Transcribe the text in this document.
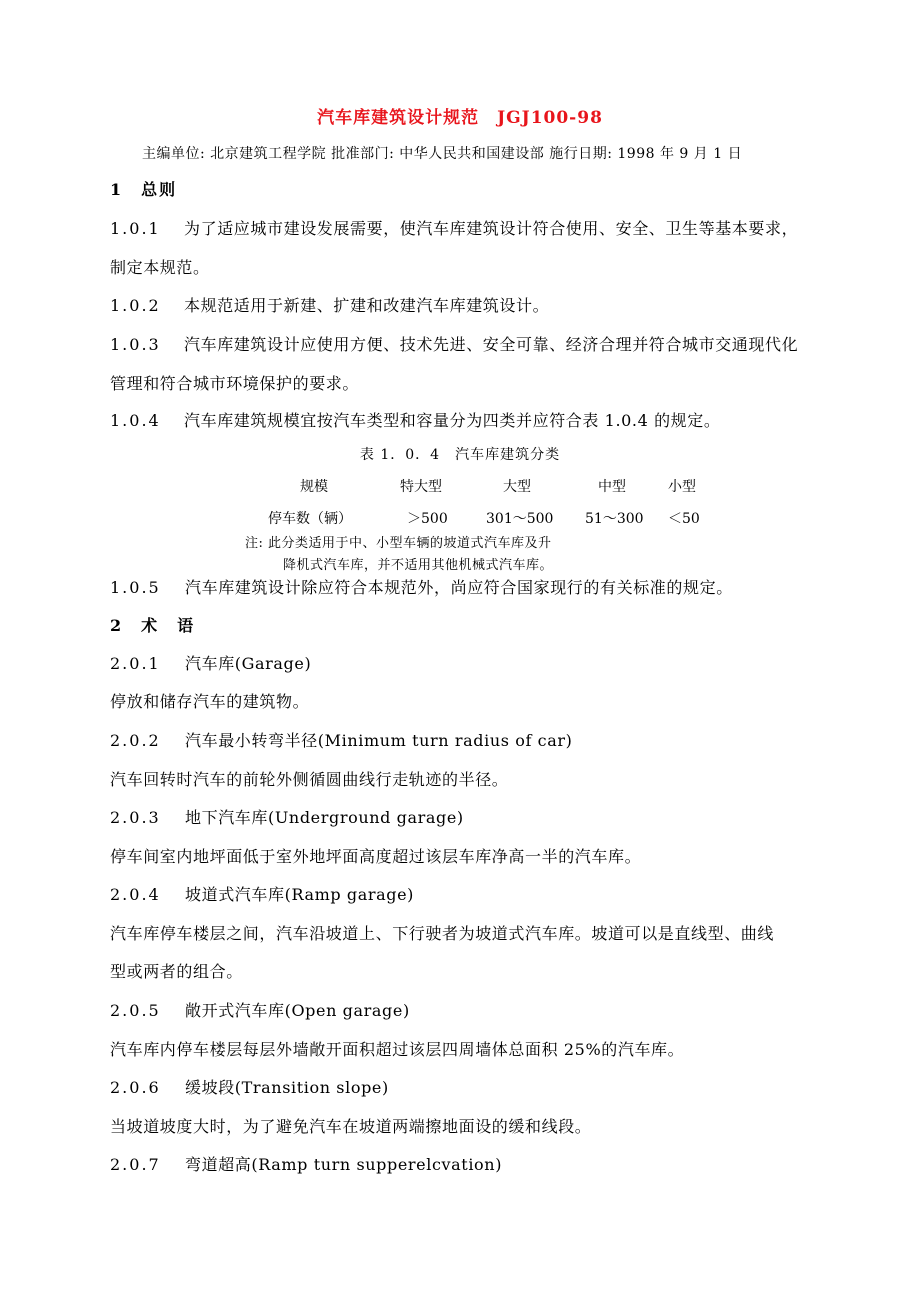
汽车库建筑设计规范　JGJ100-98
主编单位: 北京建筑工程学院 批准部门: 中华人民共和国建设部 施行日期: 1998 年 9 月 1 日
1　总则
1.0.1 为了适应城市建设发展需要，使汽车库建筑设计符合使用、安全、卫生等基本要求，
制定本规范。
1.0.2 本规范适用于新建、扩建和改建汽车库建筑设计。
1.0.3 汽车库建筑设计应使用方便、技术先进、安全可靠、经济合理并符合城市交通现代化
管理和符合城市环境保护的要求。
1.0.4 汽车库建筑规模宜按汽车类型和容量分为四类并应符合表 1.0.4 的规定。
表 1．0．4　汽车库建筑分类
规模	特大型	大型	中型	小型
停车数（辆）	＞500	301～500 51～300 ＜50
注: 此分类适用于中、小型车辆的坡道式汽车库及升
降机式汽车库，并不适用其他机械式汽车库。
1.0.5 汽车库建筑设计除应符合本规范外，尚应符合国家现行的有关标准的规定。
2　术　语
2.0.1 汽车库(Garage)
停放和储存汽车的建筑物。
2.0.2 汽车最小转弯半径(Minimum turn radius of car)
汽车回转时汽车的前轮外侧循圆曲线行走轨迹的半径。
2.0.3 地下汽车库(Underground garage)
停车间室内地坪面低于室外地坪面高度超过该层车库净高一半的汽车库。
2.0.4 坡道式汽车库(Ramp garage)
汽车库停车楼层之间，汽车沿坡道上、下行驶者为坡道式汽车库。坡道可以是直线型、曲线
型或两者的组合。
2.0.5 敞开式汽车库(Open garage)
汽车库内停车楼层每层外墙敞开面积超过该层四周墙体总面积 25%的汽车库。
2.0.6 缓坡段(Transition slope)
当坡道坡度大时，为了避免汽车在坡道两端擦地面设的缓和线段。
2.0.7 弯道超高(Ramp turn supperelcvation)
